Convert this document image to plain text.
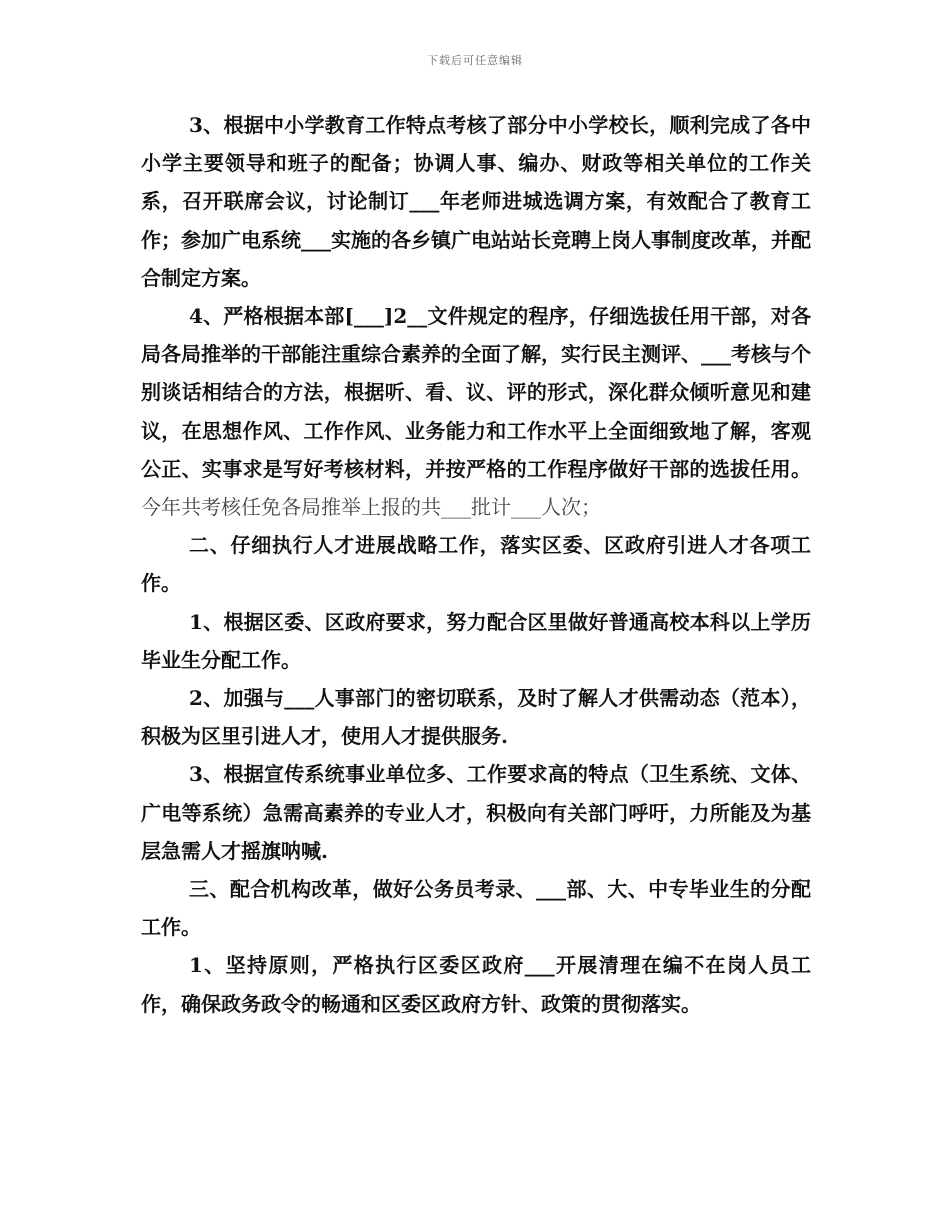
下载后可任意编辑

3、根据中小学教育工作特点考核了部分中小学校长，顺利完成了各中小学主要领导和班子的配备；协调人事、编办、财政等相关单位的工作关系，召开联席会议，讨论制订___年老师进城选调方案，有效配合了教育工作；参加广电系统___实施的各乡镇广电站站长竞聘上岗人事制度改革，并配合制定方案。

4、严格根据本部[___]2__文件规定的程序，仔细选拔任用干部，对各局各局推举的干部能注重综合素养的全面了解，实行民主测评、___考核与个别谈话相结合的方法，根据听、看、议、评的形式，深化群众倾听意见和建议，在思想作风、工作作风、业务能力和工作水平上全面细致地了解，客观公正、实事求是写好考核材料，并按严格的工作程序做好干部的选拔任用。今年共考核任免各局推举上报的共___批计___人次；

二、仔细执行人才进展战略工作，落实区委、区政府引进人才各项工作。

1、根据区委、区政府要求，努力配合区里做好普通高校本科以上学历毕业生分配工作。

2、加强与___人事部门的密切联系，及时了解人才供需动态（范本），积极为区里引进人才，使用人才提供服务.

3、根据宣传系统事业单位多、工作要求高的特点（卫生系统、文体、广电等系统）急需高素养的专业人才，积极向有关部门呼吁，力所能及为基层急需人才摇旗呐喊.

三、配合机构改革，做好公务员考录、___部、大、中专毕业生的分配工作。

1、坚持原则，严格执行区委区政府___开展清理在编不在岗人员工作，确保政务政令的畅通和区委区政府方针、政策的贯彻落实。
